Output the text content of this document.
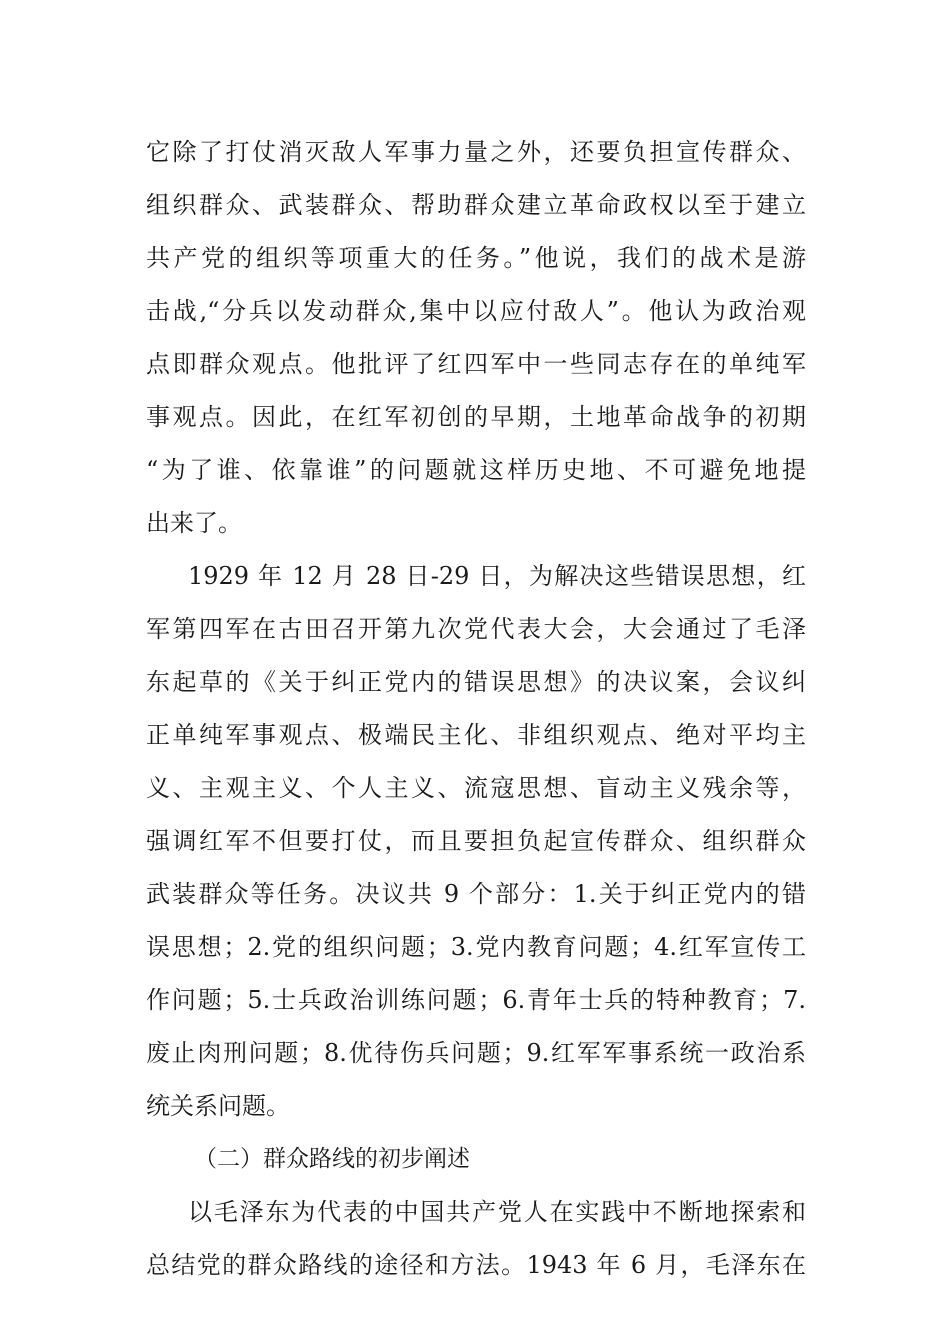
它除了打仗消灭敌人军事力量之外，还要负担宣传群众、
组织群众、武装群众、帮助群众建立革命政权以至于建立
共产党的组织等项重大的任务。”他说，我们的战术是游
击战,“分兵以发动群众,集中以应付敌人”。他认为政治观
点即群众观点。他批评了红四军中一些同志存在的单纯军
事观点。因此，在红军初创的早期，土地革命战争的初期
“为了谁、依靠谁”的问题就这样历史地、不可避免地提
出来了。
1929 年 12 月 28 日-29 日，为解决这些错误思想，红
军第四军在古田召开第九次党代表大会，大会通过了毛泽
东起草的《关于纠正党内的错误思想》的决议案，会议纠
正单纯军事观点、极端民主化、非组织观点、绝对平均主
义、主观主义、个人主义、流寇思想、盲动主义残余等，
强调红军不但要打仗，而且要担负起宣传群众、组织群众
武装群众等任务。决议共 9 个部分：1.关于纠正党内的错
误思想；2.党的组织问题；3.党内教育问题；4.红军宣传工
作问题；5.士兵政治训练问题；6.青年士兵的特种教育；7.
废止肉刑问题；8.优待伤兵问题；9.红军军事系统一政治系
统关系问题。
（二）群众路线的初步阐述
以毛泽东为代表的中国共产党人在实践中不断地探索和
总结党的群众路线的途径和方法。1943 年 6 月，毛泽东在
